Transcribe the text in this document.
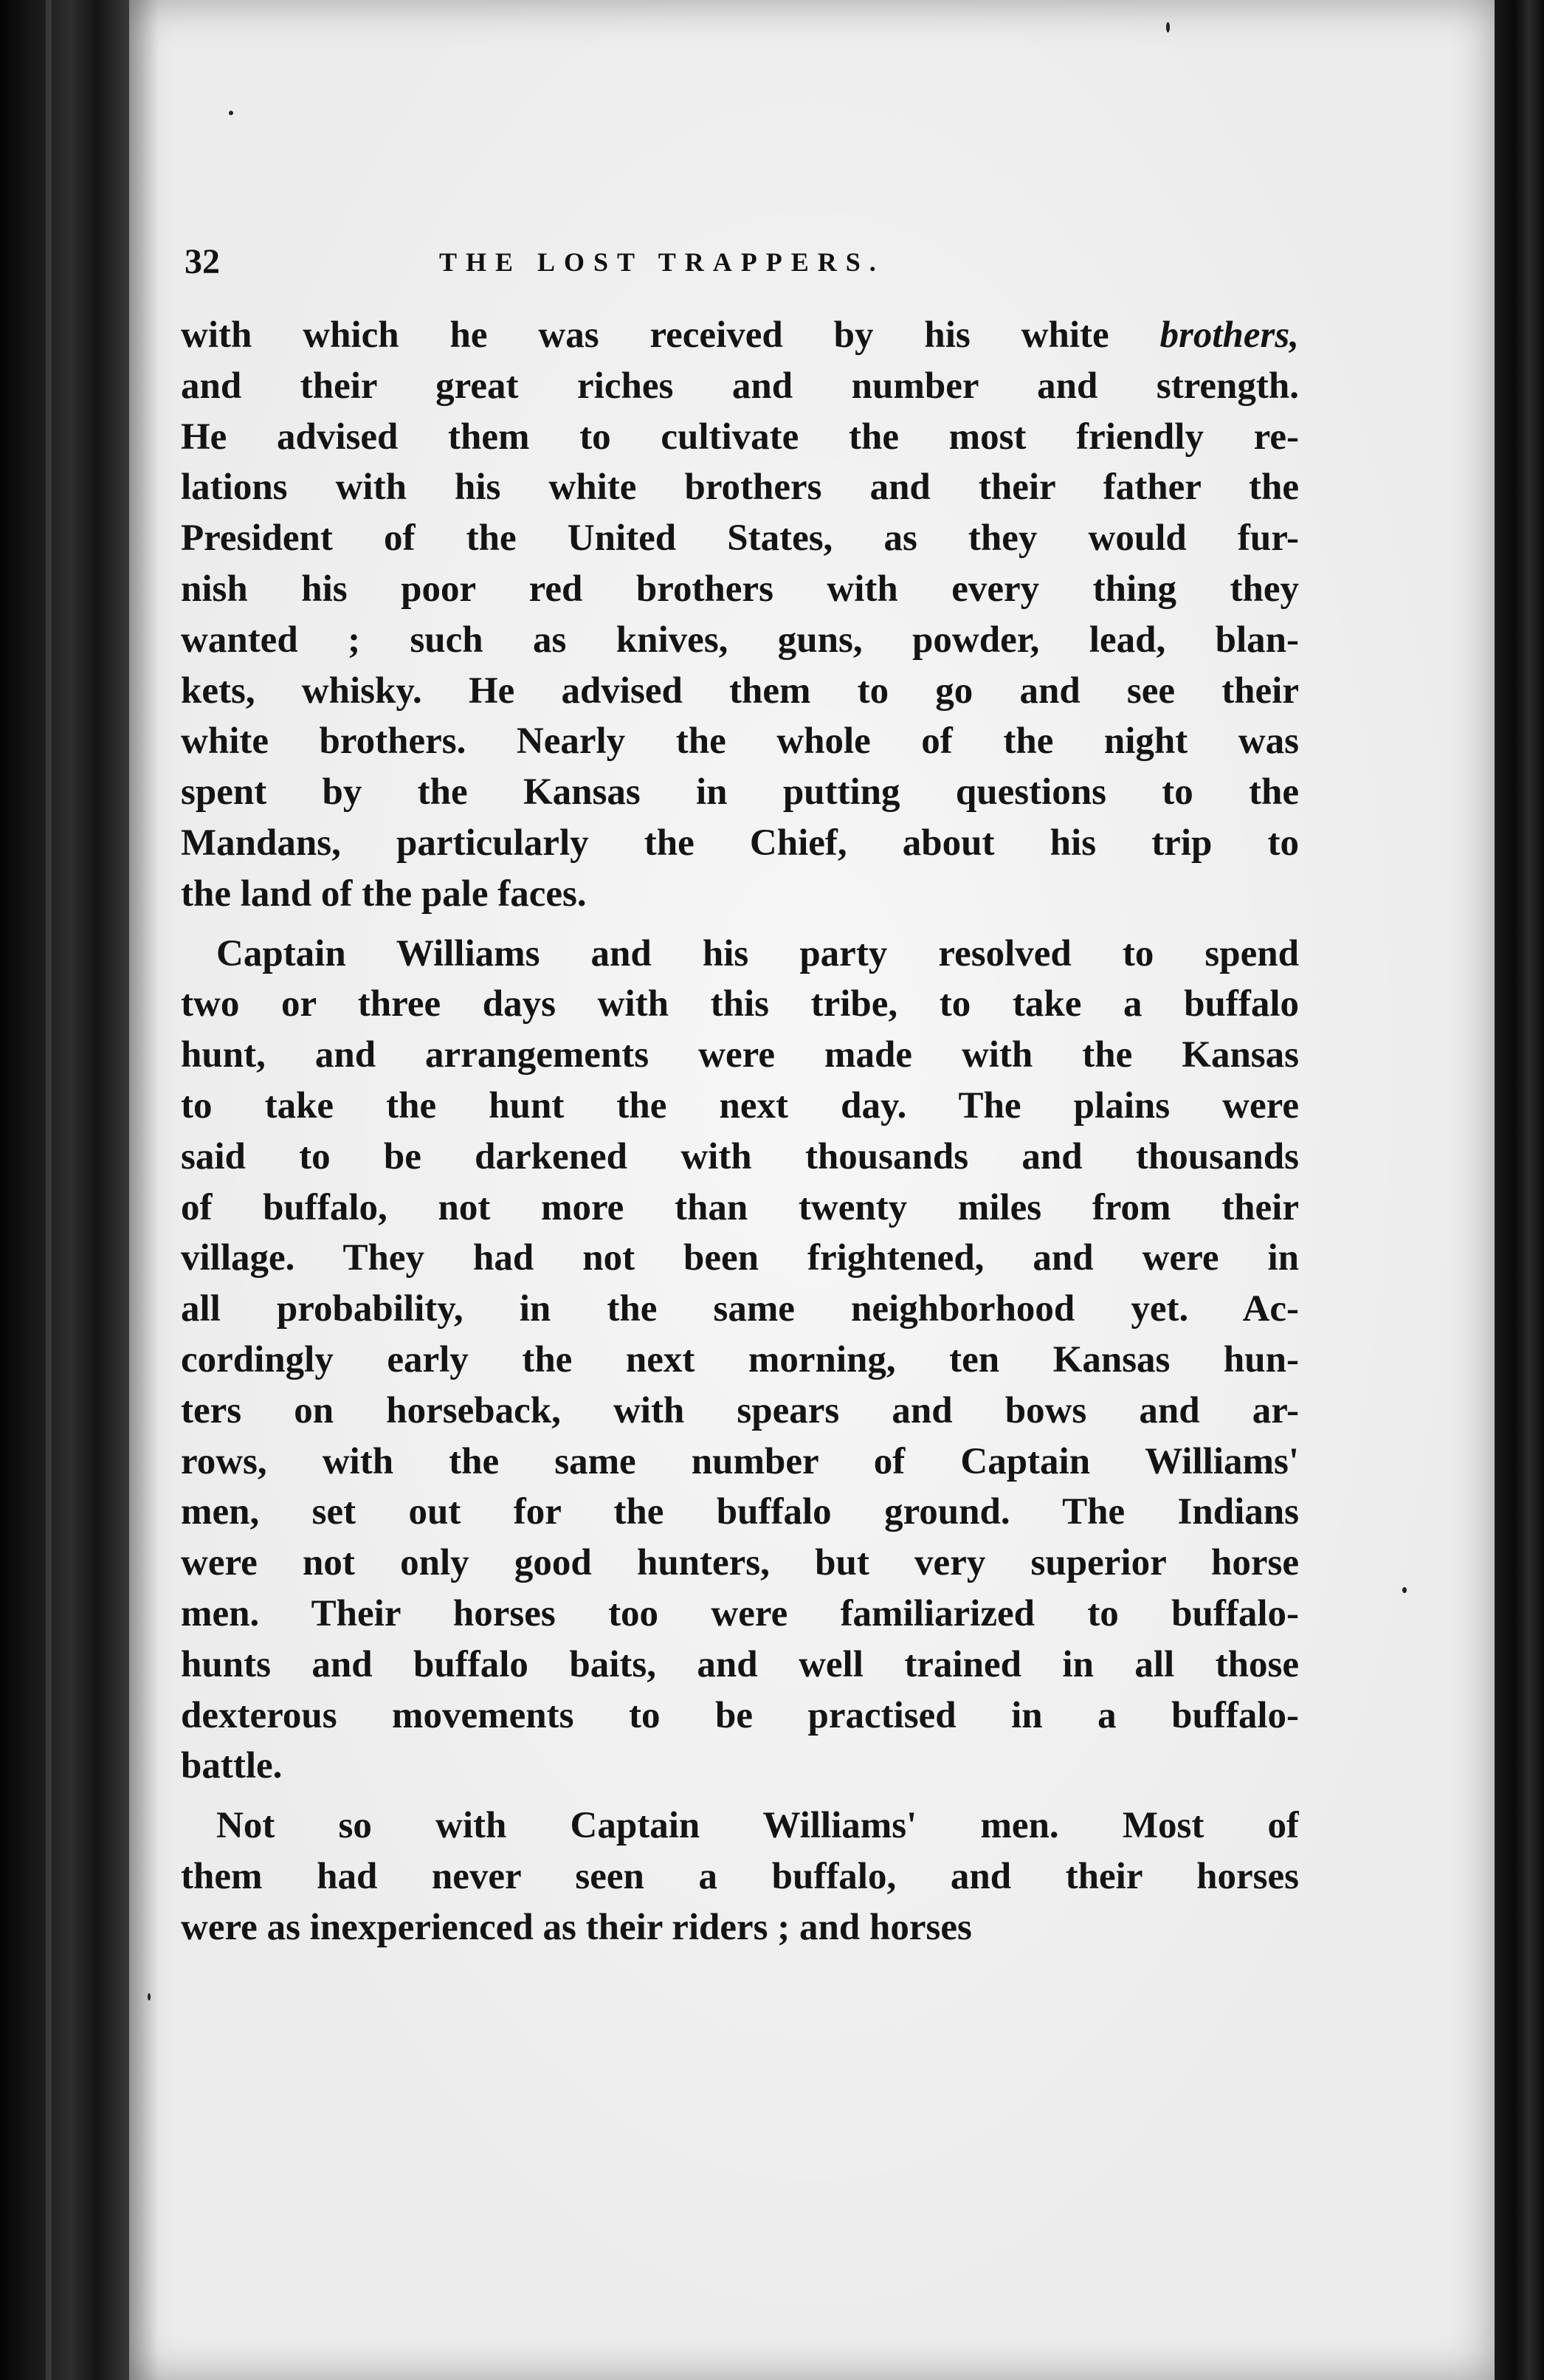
32	THE LOST TRAPPERS.
with which he was received by his white brothers,
and their great riches and number and strength.
He advised them to cultivate the most friendly re-
lations with his white brothers and their father the
President of the United States, as they would fur-
nish his poor red brothers with every thing they
wanted ; such as knives, guns, powder, lead, blan-
kets, whisky. He advised them to go and see their
white brothers. Nearly the whole of the night was
spent by the Kansas in putting questions to the
Mandans, particularly the Chief, about his trip to
the land of the pale faces.
Captain Williams and his party resolved to spend
two or three days with this tribe, to take a buffalo
hunt, and arrangements were made with the Kansas
to take the hunt the next day. The plains were
said to be darkened with thousands and thousands
of buffalo, not more than twenty miles from their
village. They had not been frightened, and were in
all probability, in the same neighborhood yet. Ac-
cordingly early the next morning, ten Kansas hun-
ters on horseback, with spears and bows and ar-
rows, with the same number of Captain Williams'
men, set out for the buffalo ground. The Indians
were not only good hunters, but very superior horse
men. Their horses too were familiarized to buffalo-
hunts and buffalo baits, and well trained in all those
dexterous movements to be practised in a buffalo-
battle.
Not so with Captain Williams' men. Most of
them had never seen a buffalo, and their horses
were as inexperienced as their riders ; and horses
